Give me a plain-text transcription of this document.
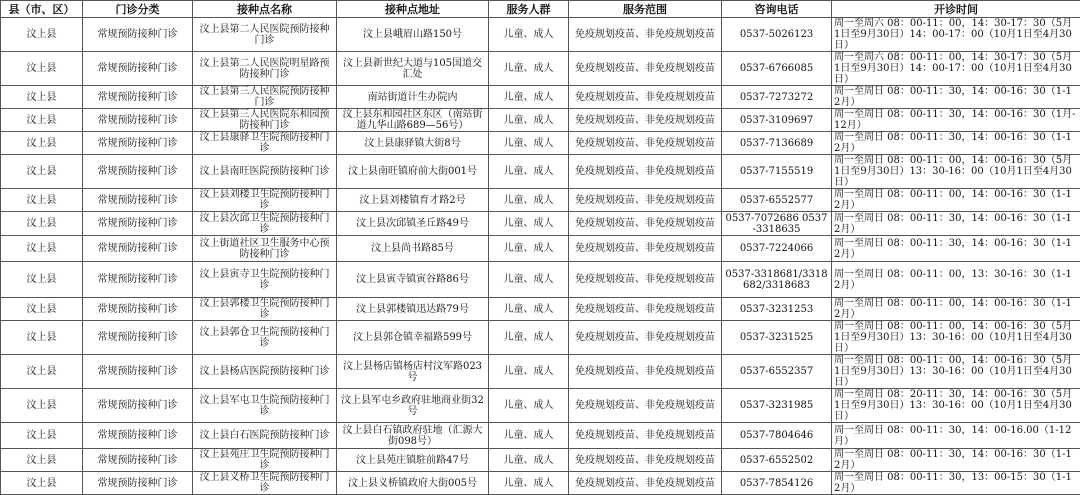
县（市、区）	门诊分类	接种点名称	接种点地址	服务人群	服务范围	咨询电话	开诊时间
汶上县	常规预防接种门诊	汶上县第二人民医院预防接种门诊	汶上县峨眉山路150号	儿童、成人	免疫规划疫苗、非免疫规划疫苗	0537-5026123	周一至周六 08：00-11：00，14：30-17：30（5月1日至9月30日）14：00-17：00（10月1日至4月30日）
汶上县	常规预防接种门诊	汶上县第二人民医院明星路预防接种门诊	汶上县新世纪大道与105国道交汇处	儿童、成人	免疫规划疫苗、非免疫规划疫苗	0537-6766085	周一至周六 08：00-11：00，14：30-17：30（5月1日至9月30日）14：00-17：00（10月1日至4月30日）
汶上县	常规预防接种门诊	汶上县第三人民医院预防接种门诊	南站街道计生办院内	儿童、成人	免疫规划疫苗、非免疫规划疫苗	0537-7273272	周一至周日 08：00-11：30，14：00-16：30（1-12月）
汶上县	常规预防接种门诊	汶上县第三人民医院东和园预防接种门诊	汶上县东和园社区东区（南站街道九华山路689—56号）	儿童、成人	免疫规划疫苗、非免疫规划疫苗	0537-3109697	周一至周日 08：00-11：30，14：00-16：30（1月-12月）
汶上县	常规预防接种门诊	汶上县康驿卫生院预防接种门诊	汶上县康驿镇大街8号	儿童、成人	免疫规划疫苗、非免疫规划疫苗	0537-7136689	周一至周日 08：00-11：30，14：00-16：30（1-12月）
汶上县	常规预防接种门诊	汶上县南旺医院预防接种门诊	汶上县南旺镇府前大街001号	儿童、成人	免疫规划疫苗、非免疫规划疫苗	0537-7155519	周一至周日 08：00-11：00，14：00-16：30（5月1日至9月30日）13：30-16：00（10月1日至4月30日）
汶上县	常规预防接种门诊	汶上县刘楼卫生院预防接种门诊	汶上县刘楼镇育才路2号	儿童、成人	免疫规划疫苗、非免疫规划疫苗	0537-6552577	周一至周日 08：00-11：00，14：00-16：30（1-12月）
汶上县	常规预防接种门诊	汶上县次邱卫生院预防接种门诊	汶上县次邱镇圣丘路49号	儿童、成人	免疫规划疫苗、非免疫规划疫苗	0537-7072686 0537-3318635	周一至周日 08：00-11：30，14：00-16：30（1-12月）
汶上县	常规预防接种门诊	汶上街道社区卫生服务中心预防接种门诊	汶上县尚书路85号	儿童、成人	免疫规划疫苗、非免疫规划疫苗	0537-7224066	周一至周日 08：00-11：30，14：00-16：30（1-12月）
汶上县	常规预防接种门诊	汶上县寅寺卫生院预防接种门诊	汶上县寅寺镇寅谷路86号	儿童、成人	免疫规划疫苗、非免疫规划疫苗	0537-3318681/3318682/3318683	周一至周日 08：00-11：00，13：30-16：30（1-12月）
汶上县	常规预防接种门诊	汶上县郭楼卫生院预防接种门诊	汶上县郭楼镇迅达路79号	儿童、成人	免疫规划疫苗、非免疫规划疫苗	0537-3231253	周一至周日 08：00-11：00，14：00-16：30（1-12月）
汶上县	常规预防接种门诊	汶上县郭仓卫生院预防接种门诊	汶上县郭仓镇幸福路599号	儿童、成人	免疫规划疫苗、非免疫规划疫苗	0537-3231525	周一至周日 08：00-11：00，14：00-16：30（5月1日至9月30日）13：30-16：00（10月1日至4月30日）
汶上县	常规预防接种门诊	汶上县杨店医院预防接种门诊	汶上县杨店镇杨店村汶军路023号	儿童、成人	免疫规划疫苗、非免疫规划疫苗	0537-6552357	周一至周日 08：00-11：00，14：00-16：30（5月1日至9月30日）13：30-16：00（10月1日至4月30日）
汶上县	常规预防接种门诊	汶上县军屯卫生院预防接种门诊	汶上县军屯乡政府驻地商业街32号	儿童、成人	免疫规划疫苗、非免疫规划疫苗	0537-3231985	周一至周日 08：20-11：30，14：00-16：30（5月1日至9月30日）13：30-16：00（10月1日至4月30日）
汶上县	常规预防接种门诊	汶上县白石医院预防接种门诊	汶上县白石镇政府驻地（汇源大街098号）	儿童、成人	免疫规划疫苗、非免疫规划疫苗	0537-7804646	周一至周日 08：00-11：30，14：00-16.00（1-12月）
汶上县	常规预防接种门诊	汶上县苑庄卫生院预防接种门诊	汶上县苑庄镇駐前路47号	儿童、成人	免疫规划疫苗、非免疫规划疫苗	0537-6552502	周一至周日 08：00-11：30，14：00-16：30（1-12月）
汶上县	常规预防接种门诊	汶上县义桥卫生院预防接种门诊	汶上县义桥镇政府大街005号	儿童、成人	免疫规划疫苗、非免疫规划疫苗	0537-7854126	周一至周日 08：00-11：30，13：00-15：30（1-12月）
